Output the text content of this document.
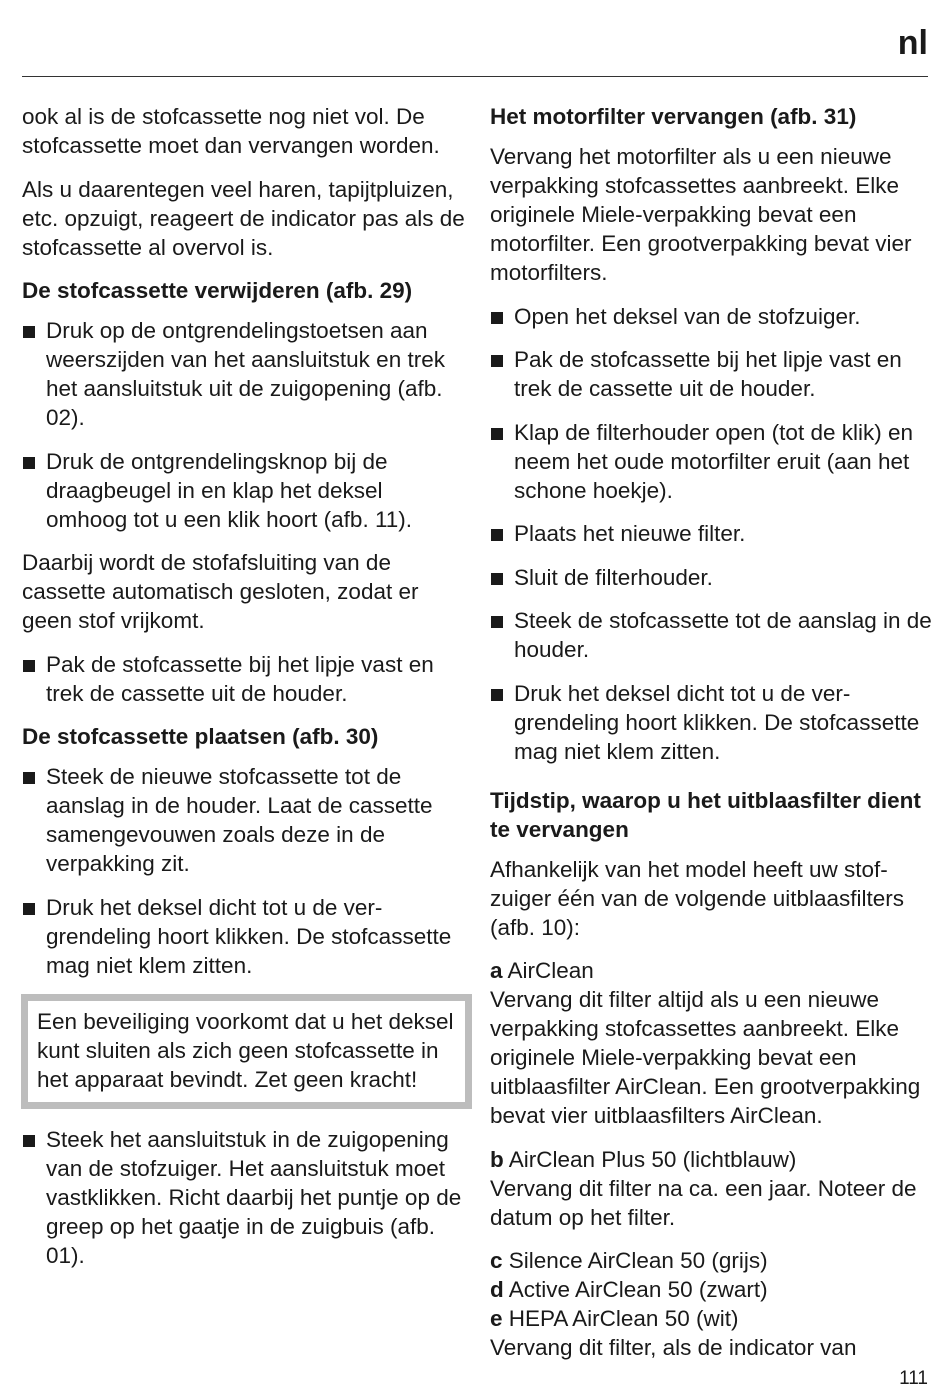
nl

ook al is de stofcassette nog niet vol. De stofcassette moet dan vervangen worden.

Als u daarentegen veel haren, tapijtpluizen, etc. opzuigt, reageert de indicator pas als de stofcassette al overvol is.

De stofcassette verwijderen (afb. 29)

Druk op de ontgrendelingstoetsen aan weerszijden van het aansluitstuk en trek het aansluitstuk uit de zuigopening (afb. 02).
Druk de ontgrendelingsknop bij de draagbeugel in en klap het deksel omhoog tot u een klik hoort (afb. 11).

Daarbij wordt de stofafsluiting van de cassette automatisch gesloten, zodat er geen stof vrijkomt.

Pak de stofcassette bij het lipje vast en trek de cassette uit de houder.

De stofcassette plaatsen (afb. 30)

Steek de nieuwe stofcassette tot de aanslag in de houder. Laat de cassette samengevouwen zoals deze in de verpakking zit.
Druk het deksel dicht tot u de vergrendeling hoort klikken. De stofcassette mag niet klem zitten.
Een beveiliging voorkomt dat u het deksel kunt sluiten als zich geen stofcassette in het apparaat bevindt. Zet geen kracht!
Steek het aansluitstuk in de zuigopening van de stofzuiger. Het aansluitstuk moet vastklikken. Richt daarbij het puntje op de greep op het gaatje in de zuigbuis (afb. 01).

Het motorfilter vervangen (afb. 31)

Vervang het motorfilter als u een nieuwe verpakking stofcassettes aanbreekt. Elke originele Miele-verpakking bevat een motorfilter. Een grootverpakking bevat vier motorfilters.

Open het deksel van de stofzuiger.
Pak de stofcassette bij het lipje vast en trek de cassette uit de houder.
Klap de filterhouder open (tot de klik) en neem het oude motorfilter eruit (aan het schone hoekje).
Plaats het nieuwe filter.
Sluit de filterhouder.
Steek de stofcassette tot de aanslag in de houder.
Druk het deksel dicht tot u de vergrendeling hoort klikken. De stofcassette mag niet klem zitten.

Tijdstip, waarop u het uitblaasfilter dient te vervangen

Afhankelijk van het model heeft uw stofzuiger één van de volgende uitblaasfilters (afb. 10):

a AirClean
Vervang dit filter altijd als u een nieuwe verpakking stofcassettes aanbreekt. Elke originele Miele-verpakking bevat een uitblaasfilter AirClean. Een grootverpakking bevat vier uitblaasfilters AirClean.

b AirClean Plus 50 (lichtblauw)
Vervang dit filter na ca. een jaar. Noteer de datum op het filter.

c Silence AirClean 50 (grijs)
d Active AirClean 50 (zwart)
e HEPA AirClean 50 (wit)
Vervang dit filter, als de indicator van

111
